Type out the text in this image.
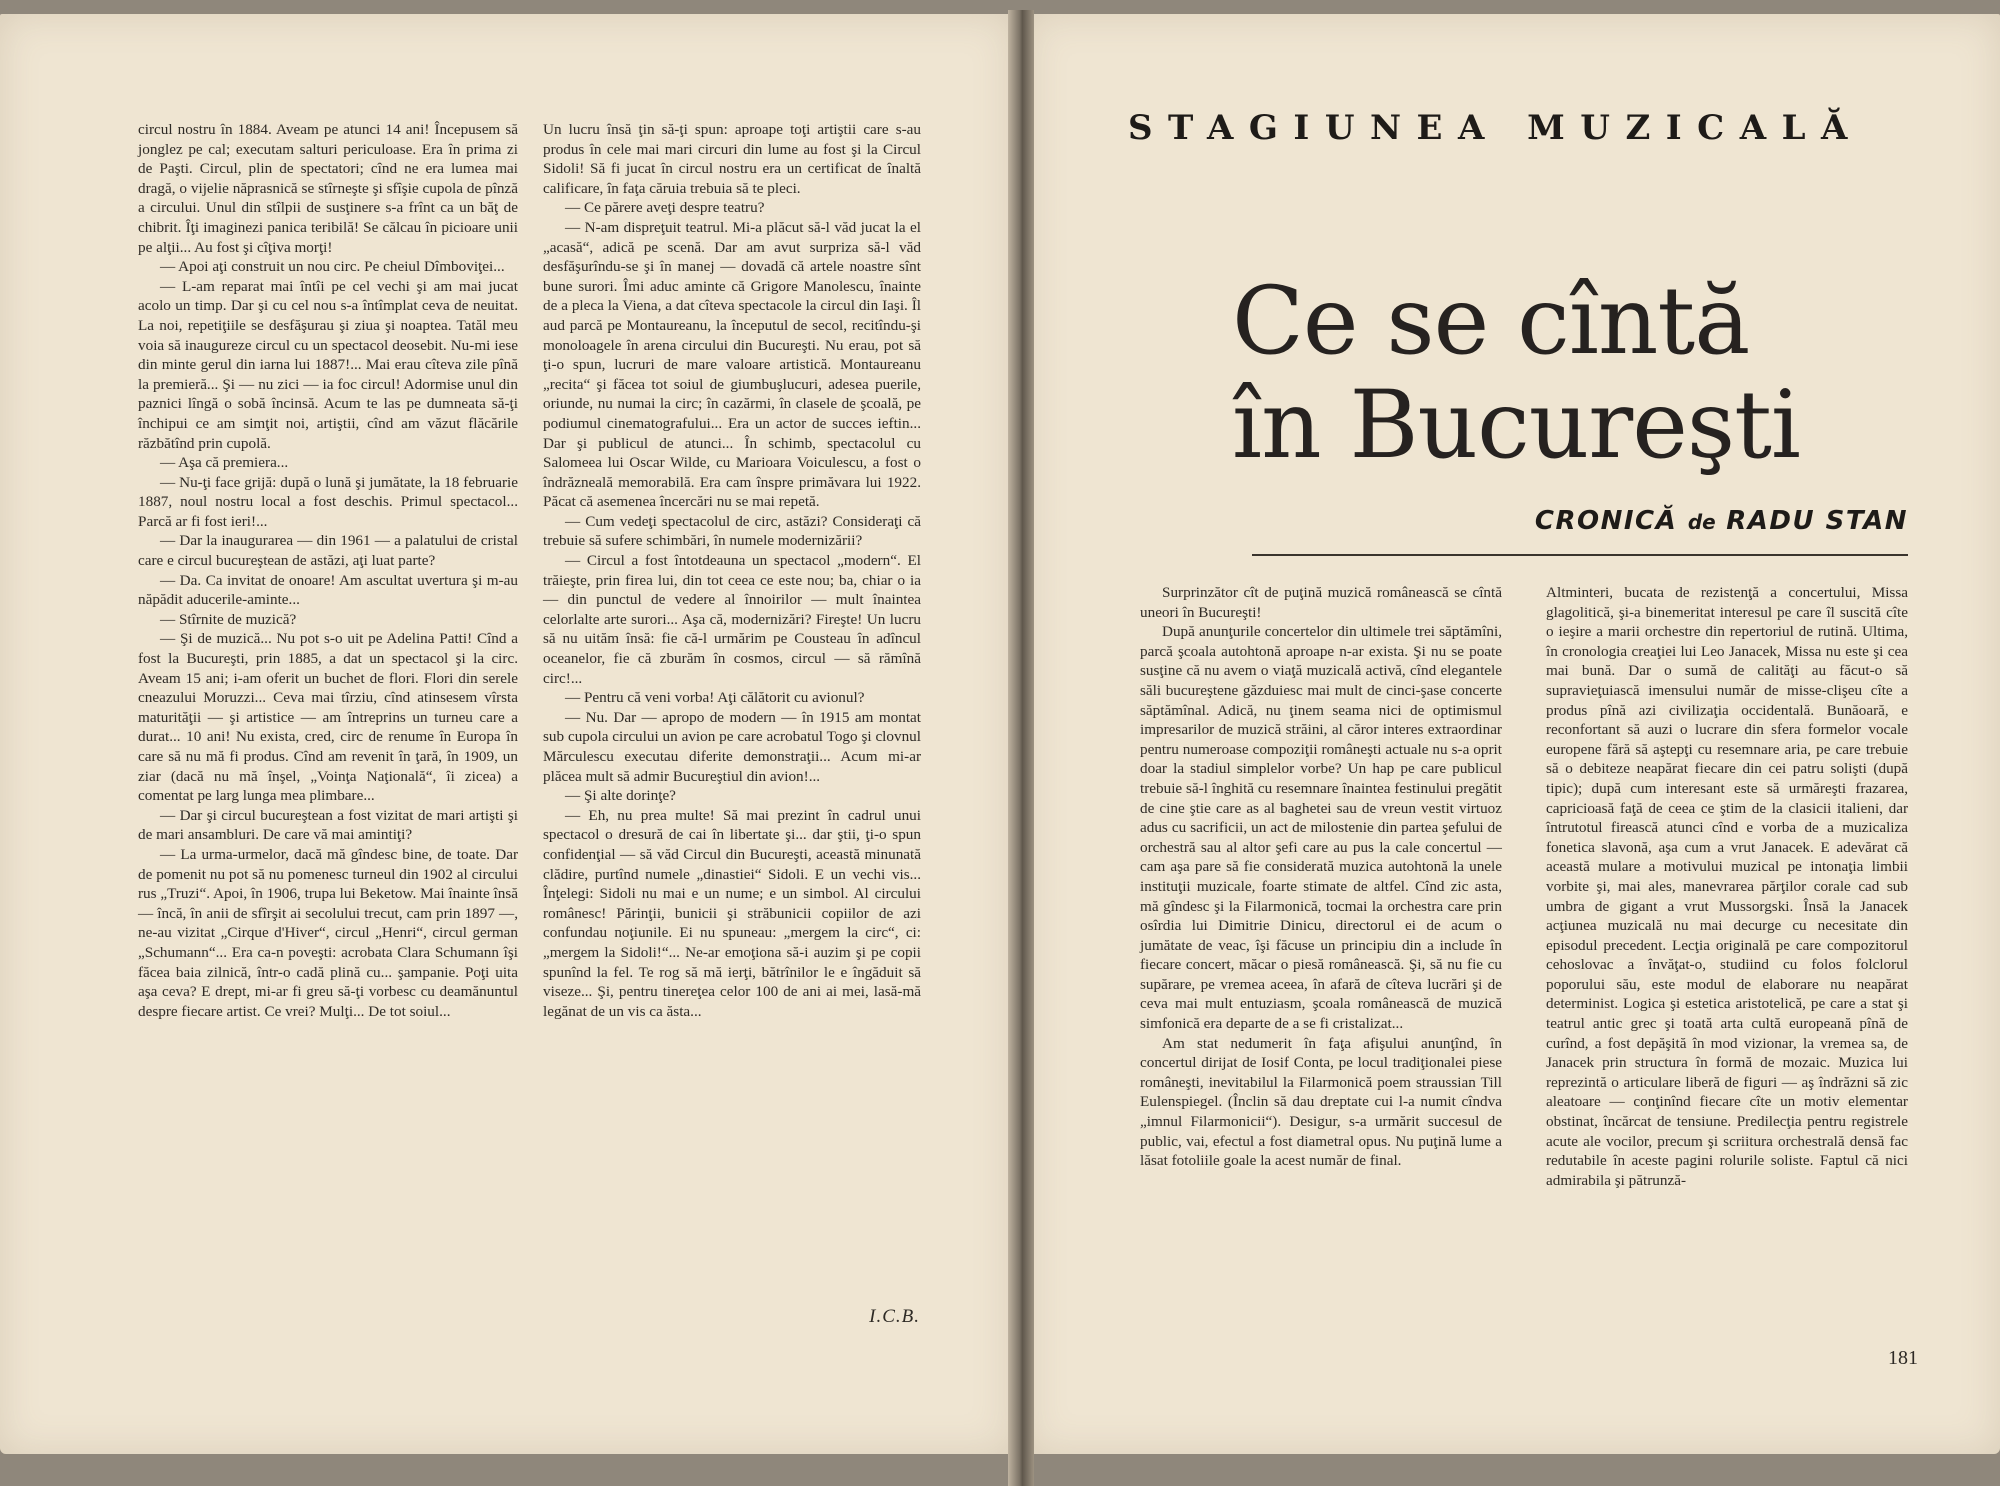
circul nostru în 1884. Aveam pe atunci 14 ani! Începusem să jonglez pe cal; executam salturi periculoase. Era în prima zi de Paşti. Circul, plin de spectatori; cînd ne era lumea mai dragă, o vijelie năprasnică se stîrneşte şi sfîşie cupola de pînză a circului. Unul din stîlpii de susţinere s-a frînt ca un băţ de chibrit. Îţi imaginezi panica teribilă! Se călcau în picioare unii pe alţii... Au fost şi cîţiva morţi!

— Apoi aţi construit un nou circ. Pe cheiul Dîmboviţei...

— L-am reparat mai întîi pe cel vechi şi am mai jucat acolo un timp. Dar şi cu cel nou s-a întîmplat ceva de neuitat. La noi, repetiţiile se desfăşurau şi ziua şi noaptea. Tatăl meu voia să inaugureze circul cu un spectacol deosebit. Nu-mi iese din minte gerul din iarna lui 1887!... Mai erau cîteva zile pînă la premieră... Şi — nu zici — ia foc circul! Adormise unul din paznici lîngă o sobă încinsă. Acum te las pe dumneata să-ţi închipui ce am simţit noi, artiştii, cînd am văzut flăcările răzbătînd prin cupolă.

— Aşa că premiera...

— Nu-ţi face grijă: după o lună şi jumătate, la 18 februarie 1887, noul nostru local a fost deschis. Primul spectacol... Parcă ar fi fost ieri!...

— Dar la inaugurarea — din 1961 — a palatului de cristal care e circul bucureştean de astăzi, aţi luat parte?

— Da. Ca invitat de onoare! Am ascultat uvertura şi m-au năpădit aducerile-aminte...

— Stîrnite de muzică?

— Şi de muzică... Nu pot s-o uit pe Adelina Patti! Cînd a fost la Bucureşti, prin 1885, a dat un spectacol şi la circ. Aveam 15 ani; i-am oferit un buchet de flori. Flori din serele cneazului Moruzzi... Ceva mai tîrziu, cînd atinsesem vîrsta maturităţii — şi artistice — am întreprins un turneu care a durat... 10 ani! Nu exista, cred, circ de renume în Europa în care să nu mă fi produs. Cînd am revenit în ţară, în 1909, un ziar (dacă nu mă înşel, „Voinţa Naţională“, îi zicea) a comentat pe larg lunga mea plimbare...

— Dar şi circul bucureştean a fost vizitat de mari artişti şi de mari ansambluri. De care vă mai amintiţi?

— La urma-urmelor, dacă mă gîndesc bine, de toate. Dar de pomenit nu pot să nu pomenesc turneul din 1902 al circului rus „Truzi“. Apoi, în 1906, trupa lui Beketow. Mai înainte însă — încă, în anii de sfîrşit ai secolului trecut, cam prin 1897 —, ne-au vizitat „Cirque d'Hiver“, circul „Henri“, circul german „Schumann“... Era ca-n poveşti: acrobata Clara Schumann îşi făcea baia zilnică, într-o cadă plină cu... şampanie. Poţi uita aşa ceva? E drept, mi-ar fi greu să-ţi vorbesc cu deamănuntul despre fiecare artist. Ce vrei? Mulţi... De tot soiul...

Un lucru însă ţin să-ţi spun: aproape toţi artiştii care s-au produs în cele mai mari circuri din lume au fost şi la Circul Sidoli! Să fi jucat în circul nostru era un certificat de înaltă calificare, în faţa căruia trebuia să te pleci.

— Ce părere aveţi despre teatru?

— N-am dispreţuit teatrul. Mi-a plăcut să-l văd jucat la el „acasă“, adică pe scenă. Dar am avut surpriza să-l văd desfăşurîndu-se şi în manej — dovadă că artele noastre sînt bune surori. Îmi aduc aminte că Grigore Manolescu, înainte de a pleca la Viena, a dat cîteva spectacole la circul din Iaşi. Îl aud parcă pe Montaureanu, la începutul de secol, recitîndu-şi monoloagele în arena circului din Bucureşti. Nu erau, pot să ţi-o spun, lucruri de mare valoare artistică. Montaureanu „recita“ şi făcea tot soiul de giumbuşlucuri, adesea puerile, oriunde, nu numai la circ; în cazărmi, în clasele de şcoală, pe podiumul cinematografului... Era un actor de succes ieftin... Dar şi publicul de atunci... În schimb, spectacolul cu Salomeea lui Oscar Wilde, cu Marioara Voiculescu, a fost o îndrăzneală memorabilă. Era cam înspre primăvara lui 1922. Păcat că asemenea încercări nu se mai repetă.

— Cum vedeţi spectacolul de circ, astăzi? Consideraţi că trebuie să sufere schimbări, în numele modernizării?

— Circul a fost întotdeauna un spectacol „modern“. El trăieşte, prin firea lui, din tot ceea ce este nou; ba, chiar o ia — din punctul de vedere al înnoirilor — mult înaintea celorlalte arte surori... Aşa că, modernizări? Fireşte! Un lucru să nu uităm însă: fie că-l urmărim pe Cousteau în adîncul oceanelor, fie că zburăm în cosmos, circul — să rămînă circ!...

— Pentru că veni vorba! Aţi călătorit cu avionul?

— Nu. Dar — apropo de modern — în 1915 am montat sub cupola circului un avion pe care acrobatul Togo şi clovnul Mărculescu executau diferite demonstraţii... Acum mi-ar plăcea mult să admir Bucureştiul din avion!...

— Şi alte dorinţe?

— Eh, nu prea multe! Să mai prezint în cadrul unui spectacol o dresură de cai în libertate şi... dar ştii, ţi-o spun confidenţial — să văd Circul din Bucureşti, această minunată clădire, purtînd numele „dinastiei“ Sidoli. E un vechi vis... Înţelegi: Sidoli nu mai e un nume; e un simbol. Al circului românesc! Părinţii, bunicii şi străbunicii copiilor de azi confundau noţiunile. Ei nu spuneau: „mergem la circ“, ci: „mergem la Sidoli!“... Ne-ar emoţiona să-i auzim şi pe copii spunînd la fel. Te rog să mă ierţi, bătrînilor le e îngăduit să viseze... Şi, pentru tinereţea celor 100 de ani ai mei, lasă-mă legănat de un vis ca ăsta...

I.C.B.
STAGIUNEA MUZICALĂ
Ce se cîntă
în Bucureşti
CRONICĂ de RADU STAN

Surprinzător cît de puţină muzică românească se cîntă uneori în Bucureşti!

După anunţurile concertelor din ultimele trei săptămîni, parcă şcoala autohtonă aproape n-ar exista. Şi nu se poate susţine că nu avem o viaţă muzicală activă, cînd elegantele săli bucureştene găzduiesc mai mult de cinci-şase concerte săptămînal. Adică, nu ţinem seama nici de optimismul impresarilor de muzică străini, al căror interes extraordinar pentru numeroase compoziţii româneşti actuale nu s-a oprit doar la stadiul simplelor vorbe? Un hap pe care publicul trebuie să-l înghită cu resemnare înaintea festinului pregătit de cine ştie care as al baghetei sau de vreun vestit virtuoz adus cu sacrificii, un act de milostenie din partea şefului de orchestră sau al altor şefi care au pus la cale concertul — cam aşa pare să fie considerată muzica autohtonă la unele instituţii muzicale, foarte stimate de altfel. Cînd zic asta, mă gîndesc şi la Filarmonică, tocmai la orchestra care prin osîrdia lui Dimitrie Dinicu, directorul ei de acum o jumătate de veac, îşi făcuse un principiu din a include în fiecare concert, măcar o piesă românească. Şi, să nu fie cu supărare, pe vremea aceea, în afară de cîteva lucrări şi de ceva mai mult entuziasm, şcoala românească de muzică simfonică era departe de a se fi cristalizat...

Am stat nedumerit în faţa afişului anunţînd, în concertul dirijat de Iosif Conta, pe locul tradiţionalei piese româneşti, inevitabilul la Filarmonică poem straussian Till Eulenspiegel. (Înclin să dau dreptate cui l-a numit cîndva „imnul Filarmonicii“). Desigur, s-a urmărit succesul de public, vai, efectul a fost diametral opus. Nu puţină lume a lăsat fotoliile goale la acest număr de final.

Altminteri, bucata de rezistenţă a concertului, Missa glagolitică, şi-a binemeritat interesul pe care îl suscită cîte o ieşire a marii orchestre din repertoriul de rutină. Ultima, în cronologia creaţiei lui Leo Janacek, Missa nu este şi cea mai bună. Dar o sumă de calităţi au făcut-o să supravieţuiască imensului număr de misse-clişeu cîte a produs pînă azi civilizaţia occidentală. Bunăoară, e reconfortant să auzi o lucrare din sfera formelor vocale europene fără să aştepţi cu resemnare aria, pe care trebuie să o debiteze neapărat fiecare din cei patru solişti (după tipic); după cum interesant este să urmăreşti frazarea, capricioasă faţă de ceea ce ştim de la clasicii italieni, dar întrutotul firească atunci cînd e vorba de a muzicaliza fonetica slavonă, aşa cum a vrut Janacek. E adevărat că această mulare a motivului muzical pe intonaţia limbii vorbite şi, mai ales, manevrarea părţilor corale cad sub umbra de gigant a vrut Mussorgski. Însă la Janacek acţiunea muzicală nu mai decurge cu necesitate din episodul precedent. Lecţia originală pe care compozitorul cehoslovac a învăţat-o, studiind cu folos folclorul poporului său, este modul de elaborare nu neapărat determinist. Logica şi estetica aristotelică, pe care a stat şi teatrul antic grec şi toată arta cultă europeană pînă de curînd, a fost depăşită în mod vizionar, la vremea sa, de Janacek prin structura în formă de mozaic. Muzica lui reprezintă o articulare liberă de figuri — aş îndrăzni să zic aleatoare — conţinînd fiecare cîte un motiv elementar obstinat, încărcat de tensiune. Predilecţia pentru registrele acute ale vocilor, precum şi scriitura orchestrală densă fac redutabile în aceste pagini rolurile soliste. Faptul că nici admirabila şi pătrunză-

181
